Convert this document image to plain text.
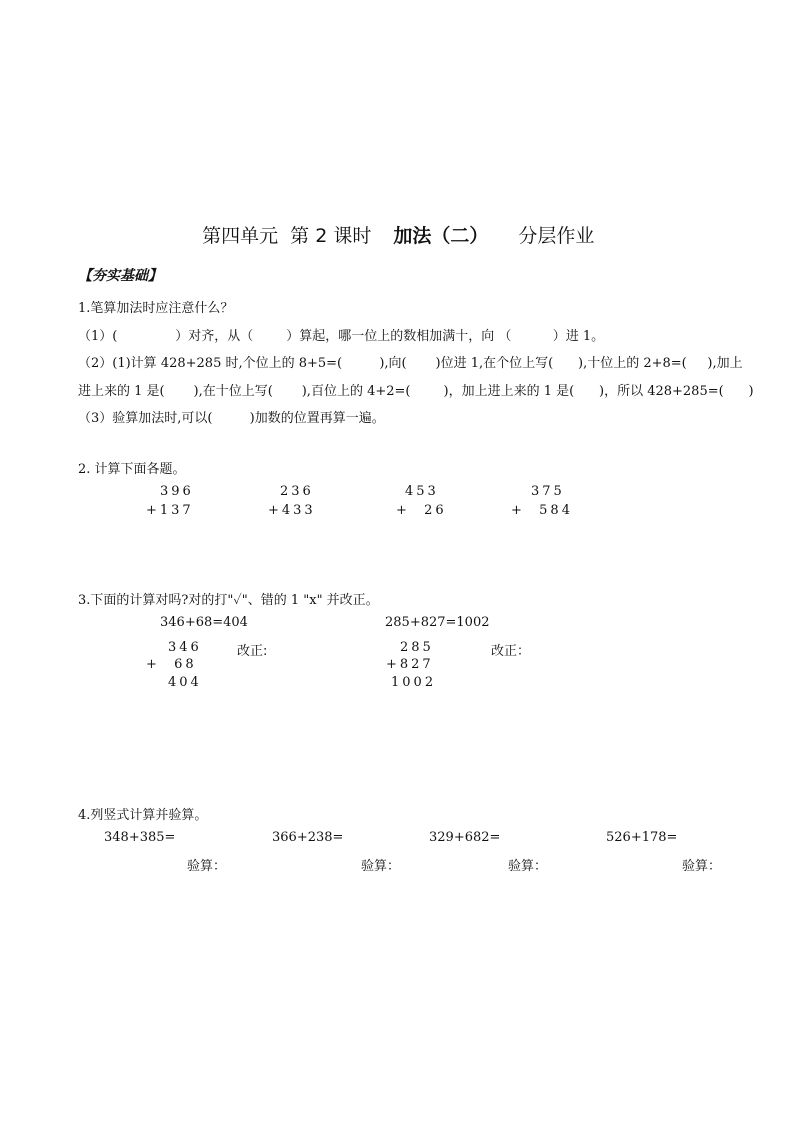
第四单元  第 2 课时 加法（二） 分层作业

【夯实基础】
1.笔算加法时应注意什么？
（1）(              ）对齐，从（        ）算起，哪一位上的数相加满十，向 （          ）进 1。
（2）(1)计算 428+285 时,个位上的 8+5=(         ),向(       )位进 1,在个位上写(      ),十位上的 2+8=(     ),加上
进上来的 1 是(       ),在十位上写(       ),百位上的 4+2=(        )，加上进上来的 1 是(      )，所以 428+285=(      )
（3）验算加法时,可以(         )加数的位置再算一遍。
2. 计算下面各题。
396
+137
236
+433
453
+  26
375
+  584
3.下面的计算对吗?对的打"✓"、错的 1 "x" 并改正。
346+68=404
346
+  68
404
改正:
285+827=1002
285
+827
1002
改正：
4.列竖式计算并验算。
348+385=
验算：
366+238=
验算：
329+682=
验算：
526+178=
验算：
